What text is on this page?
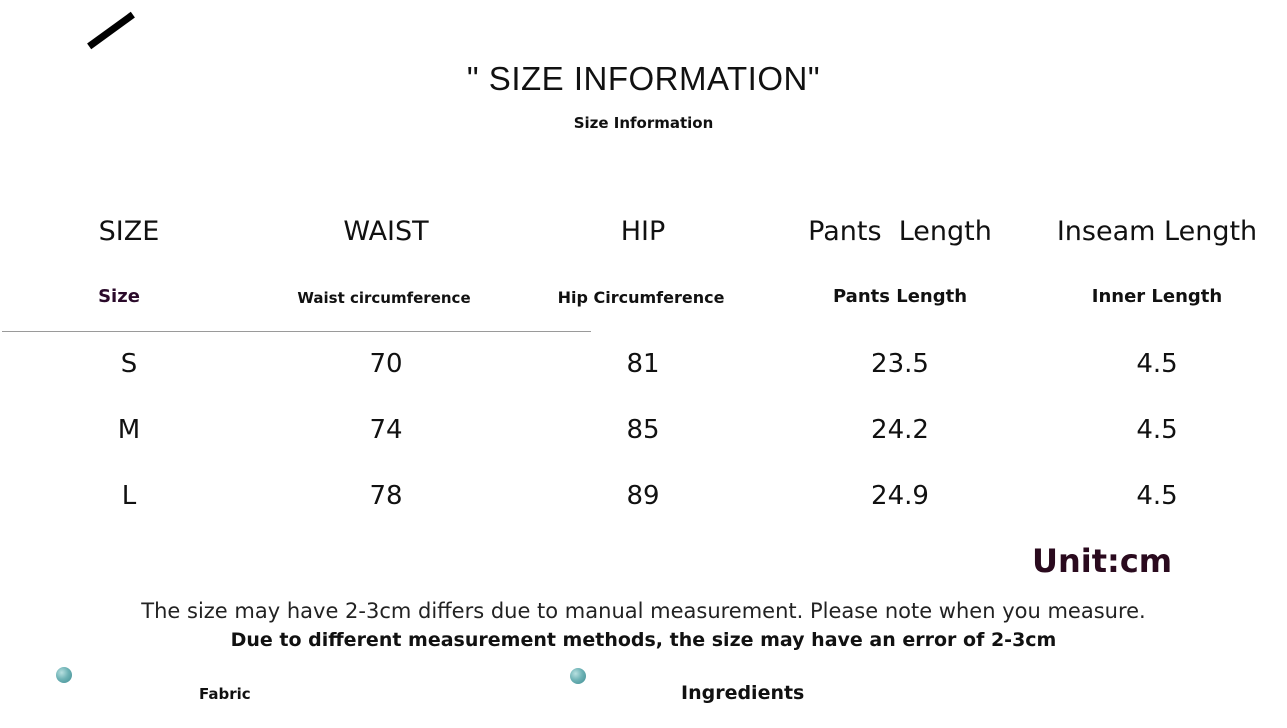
" SIZE INFORMATION"
Size Information
SIZE	WAIST	HIP	Pants  Length	Inseam Length
Size	Waist circumference	Hip Circumference	Pants Length	Inner Length
S	70	81	23.5	4.5
M	74	85	24.2	4.5
L	78	89	24.9	4.5
Unit:cm
The size may have 2-3cm differs due to manual measurement. Please note when you measure.
Due to different measurement methods, the size may have an error of 2-3cm
Fabric	Ingredients
